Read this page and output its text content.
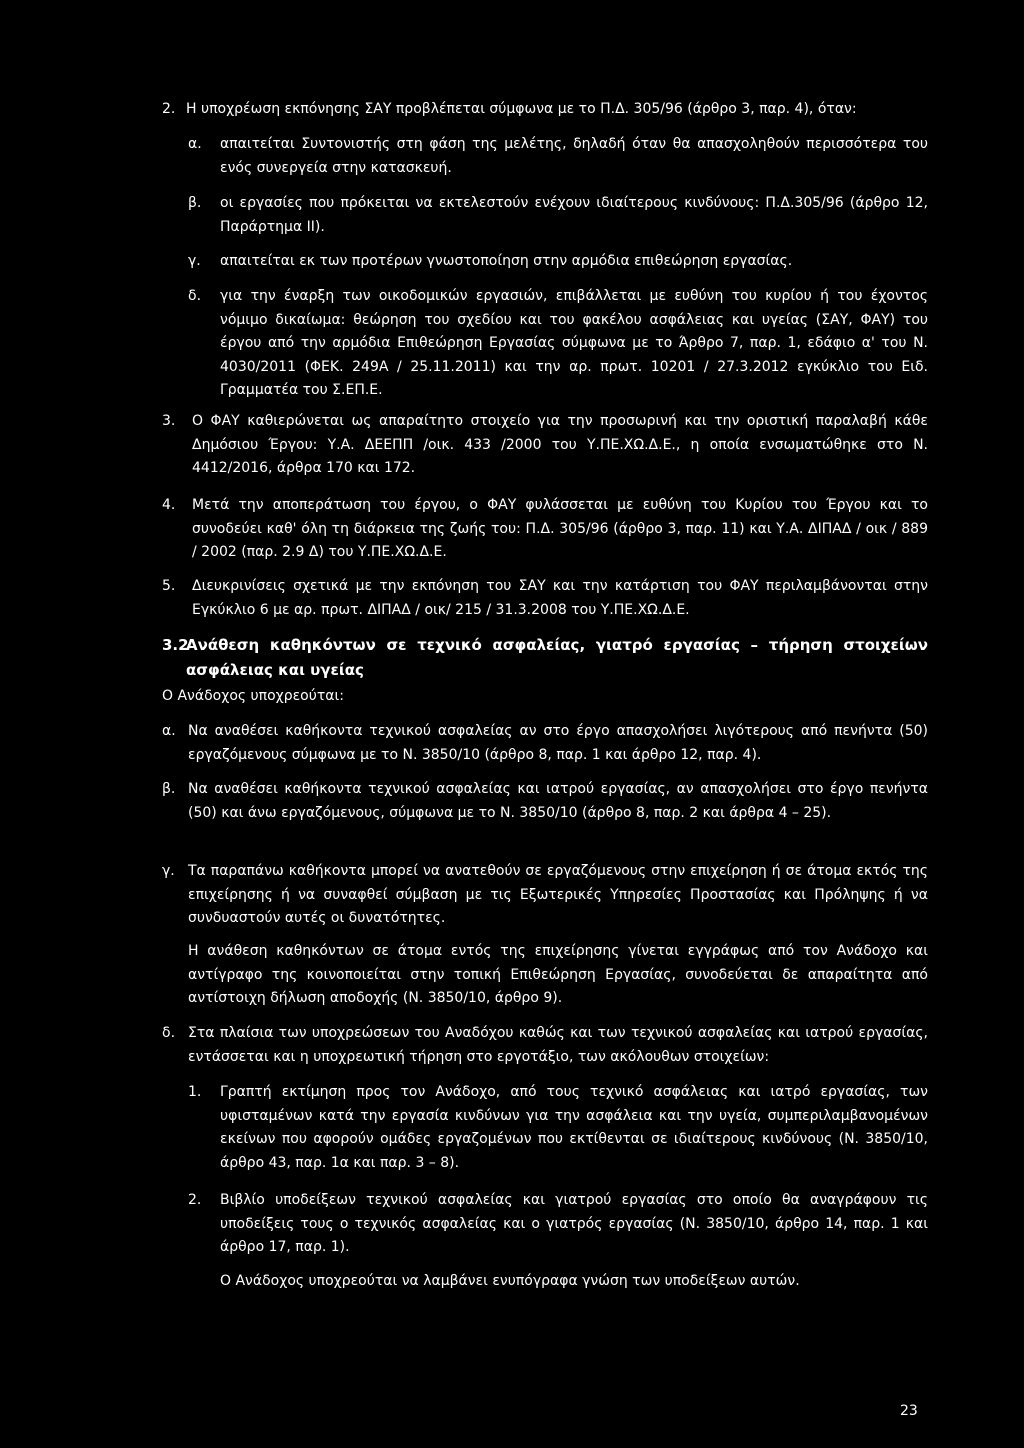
2. Η υποχρέωση εκπόνησης ΣΑΥ προβλέπεται σύμφωνα με το Π.Δ. 305/96 (άρθρο 3, παρ. 4), όταν:
α. απαιτείται Συντονιστής στη φάση της μελέτης, δηλαδή όταν θα απασχοληθούν περισσότερα του ενός συνεργεία στην κατασκευή.
β. οι εργασίες που πρόκειται να εκτελεστούν ενέχουν ιδιαίτερους κινδύνους: Π.Δ.305/96 (άρθρο 12, Παράρτημα ΙΙ).
γ. απαιτείται εκ των προτέρων γνωστοποίηση στην αρμόδια επιθεώρηση εργασίας.
δ. για την έναρξη των οικοδομικών εργασιών, επιβάλλεται με ευθύνη του κυρίου ή του έχοντος νόμιμο δικαίωμα: θεώρηση του σχεδίου και του φακέλου ασφάλειας και υγείας (ΣΑΥ, ΦΑΥ) του έργου από την αρμόδια Επιθεώρηση Εργασίας σύμφωνα με το Άρθρο 7, παρ. 1, εδάφιο α' του Ν. 4030/2011 (ΦΕΚ. 249Α / 25.11.2011) και την αρ. πρωτ. 10201 / 27.3.2012 εγκύκλιο του Ειδ. Γραμματέα του Σ.ΕΠ.Ε.
3. Ο ΦΑΥ καθιερώνεται ως απαραίτητο στοιχείο για την προσωρινή και την οριστική παραλαβή κάθε Δημόσιου Έργου: Υ.Α. ΔΕΕΠΠ /οικ. 433 /2000 του Υ.ΠΕ.ΧΩ.Δ.Ε., η οποία ενσωματώθηκε στο Ν. 4412/2016, άρθρα 170 και 172.
4. Μετά την αποπεράτωση του έργου, ο ΦΑΥ φυλάσσεται με ευθύνη του Κυρίου του Έργου και το συνοδεύει καθ' όλη τη διάρκεια της ζωής του: Π.Δ. 305/96 (άρθρο 3, παρ. 11) και Υ.Α. ΔΙΠΑΔ / οικ / 889 / 2002 (παρ. 2.9 Δ) του Υ.ΠΕ.ΧΩ.Δ.Ε.
5. Διευκρινίσεις σχετικά με την εκπόνηση του ΣΑΥ και την κατάρτιση του ΦΑΥ περιλαμβάνονται στην Εγκύκλιο 6 με αρ. πρωτ. ΔΙΠΑΔ / οικ/ 215 / 31.3.2008 του Υ.ΠΕ.ΧΩ.Δ.Ε.
3.2
Ανάθεση καθηκόντων σε τεχνικό ασφαλείας, γιατρό εργασίας – τήρηση στοιχείων ασφάλειας και υγείας
Ο Ανάδοχος υποχρεούται:
α. Να αναθέσει καθήκοντα τεχνικού ασφαλείας αν στο έργο απασχολήσει λιγότερους από πενήντα (50) εργαζόμενους σύμφωνα με το Ν. 3850/10 (άρθρο 8, παρ. 1 και άρθρο 12, παρ. 4).
β. Να αναθέσει καθήκοντα τεχνικού ασφαλείας και ιατρού εργασίας, αν απασχολήσει στο έργο πενήντα (50) και άνω εργαζόμενους, σύμφωνα με το Ν. 3850/10 (άρθρο 8, παρ. 2 και άρθρα 4 – 25).
γ. Τα παραπάνω καθήκοντα μπορεί να ανατεθούν σε εργαζόμενους στην επιχείρηση ή σε άτομα εκτός της επιχείρησης ή να συναφθεί σύμβαση με τις Εξωτερικές Υπηρεσίες Προστασίας και Πρόληψης ή να συνδυαστούν αυτές οι δυνατότητες.
Η ανάθεση καθηκόντων σε άτομα εντός της επιχείρησης γίνεται εγγράφως από τον Ανάδοχο και αντίγραφο της κοινοποιείται στην τοπική Επιθεώρηση Εργασίας, συνοδεύεται δε απαραίτητα από αντίστοιχη δήλωση αποδοχής (Ν. 3850/10, άρθρο 9).
δ. Στα πλαίσια των υποχρεώσεων του Αναδόχου καθώς και των τεχνικού ασφαλείας και ιατρού εργασίας, εντάσσεται και η υποχρεωτική τήρηση στο εργοτάξιο, των ακόλουθων στοιχείων:
1. Γραπτή εκτίμηση προς τον Ανάδοχο, από τους τεχνικό ασφάλειας και ιατρό εργασίας, των υφισταμένων κατά την εργασία κινδύνων για την ασφάλεια και την υγεία, συμπεριλαμβανομένων εκείνων που αφορούν ομάδες εργαζομένων που εκτίθενται σε ιδιαίτερους κινδύνους (Ν. 3850/10, άρθρο 43, παρ. 1α και παρ. 3 – 8).
2. Βιβλίο υποδείξεων τεχνικού ασφαλείας και γιατρού εργασίας στο οποίο θα αναγράφουν τις υποδείξεις τους ο τεχνικός ασφαλείας και ο γιατρός εργασίας (Ν. 3850/10, άρθρο 14, παρ. 1 και άρθρο 17, παρ. 1).
Ο Ανάδοχος υποχρεούται να λαμβάνει ενυπόγραφα γνώση των υποδείξεων αυτών.
23
